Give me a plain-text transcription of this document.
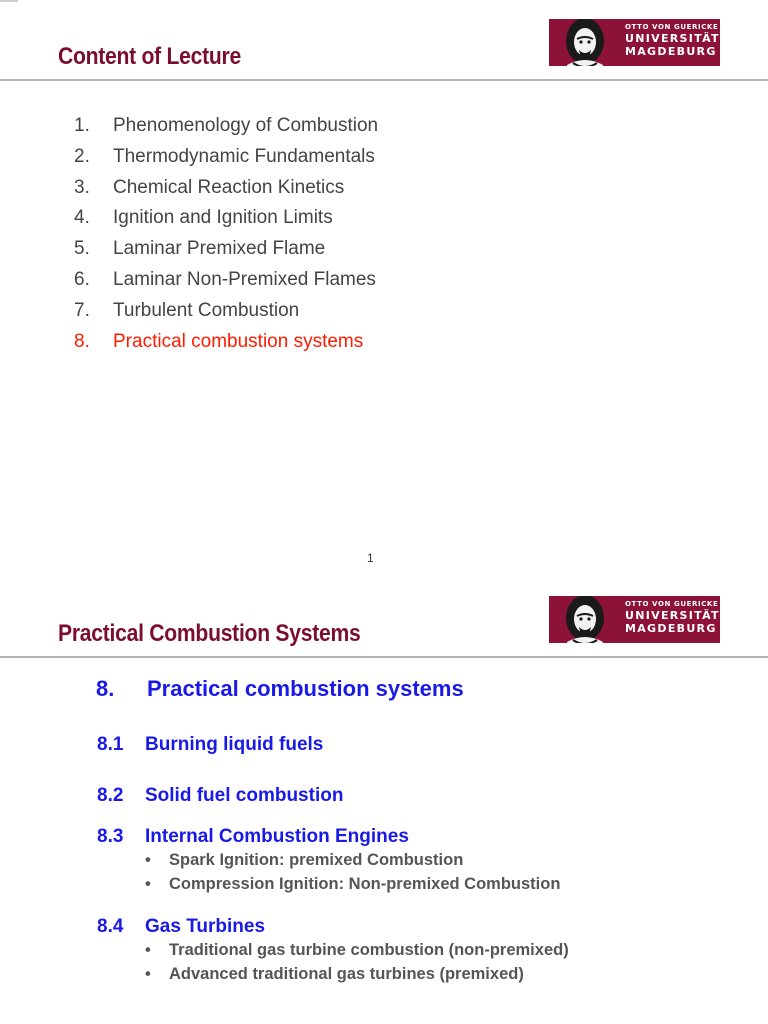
Content of Lecture
OTTO VON GUERICKE
UNIVERSITÄT
MAGDEBURG
1. Phenomenology of Combustion
2. Thermodynamic Fundamentals
3. Chemical Reaction Kinetics
4. Ignition and Ignition Limits
5. Laminar Premixed Flame
6. Laminar Non-Premixed Flames
7. Turbulent Combustion
8. Practical combustion systems
1
Practical Combustion Systems
OTTO VON GUERICKE
UNIVERSITÄT
MAGDEBURG
8. Practical combustion systems
8.1 Burning liquid fuels
8.2 Solid fuel combustion
8.3 Internal Combustion Engines
• Spark Ignition: premixed Combustion
• Compression Ignition: Non-premixed Combustion
8.4 Gas Turbines
• Traditional gas turbine combustion (non-premixed)
• Advanced traditional gas turbines (premixed)
